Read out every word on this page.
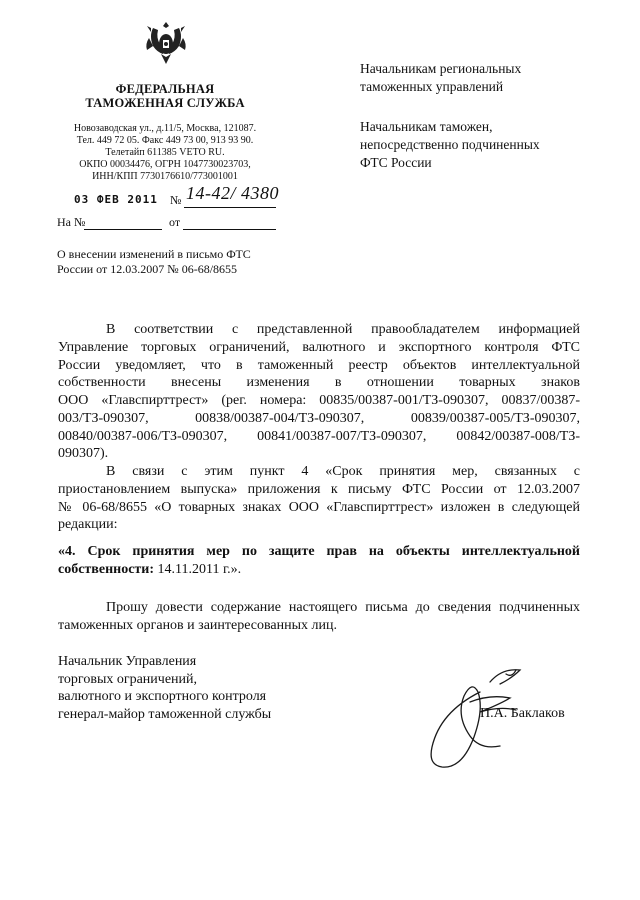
ФЕДЕРАЛЬНАЯ
ТАМОЖЕННАЯ СЛУЖБА
Новозаводская ул., д.11/5, Москва, 121087.
Тел. 449 72 05. Факс 449 73 00, 913 93 90.
Телетайп 611385 VETO RU.
ОКПО 00034476, ОГРН 1047730023703,
ИНН/КПП 7730176610/773001001
03 ФЕВ 2011 № 14-42/ 4380
На №	от
О внесении изменений в письмо ФТС
России от 12.03.2007 № 06-68/8655
Начальникам региональных
таможенных управлений
Начальникам таможен,
непосредственно подчиненных
ФТС России
В соответствии с представленной правообладателем информацией
Управление торговых ограничений, валютного и экспортного контроля ФТС
России уведомляет, что в таможенный реестр объектов интеллектуальной
собственности внесены изменения в отношении товарных знаков
ООО «Главспирттрест» (рег. номера: 00835/00387-001/ТЗ-090307, 00837/00387-
003/ТЗ-090307, 00838/00387-004/ТЗ-090307, 00839/00387-005/ТЗ-090307,
00840/00387-006/ТЗ-090307, 00841/00387-007/ТЗ-090307, 00842/00387-008/ТЗ-
090307).
В связи с этим пункт 4 «Срок принятия мер, связанных с
приостановлением выпуска» приложения к письму ФТС России от 12.03.2007
№ 06-68/8655 «О товарных знаках ООО «Главспирттрест» изложен в следующей
редакции:
«4. Срок принятия мер по защите прав на объекты интеллектуальной
собственности: 14.11.2011 г.».
Прошу довести содержание настоящего письма до сведения подчиненных
таможенных органов и заинтересованных лиц.
Начальник Управления
торговых ограничений,
валютного и экспортного контроля
генерал-майор таможенной службы	П.А. Баклаков
